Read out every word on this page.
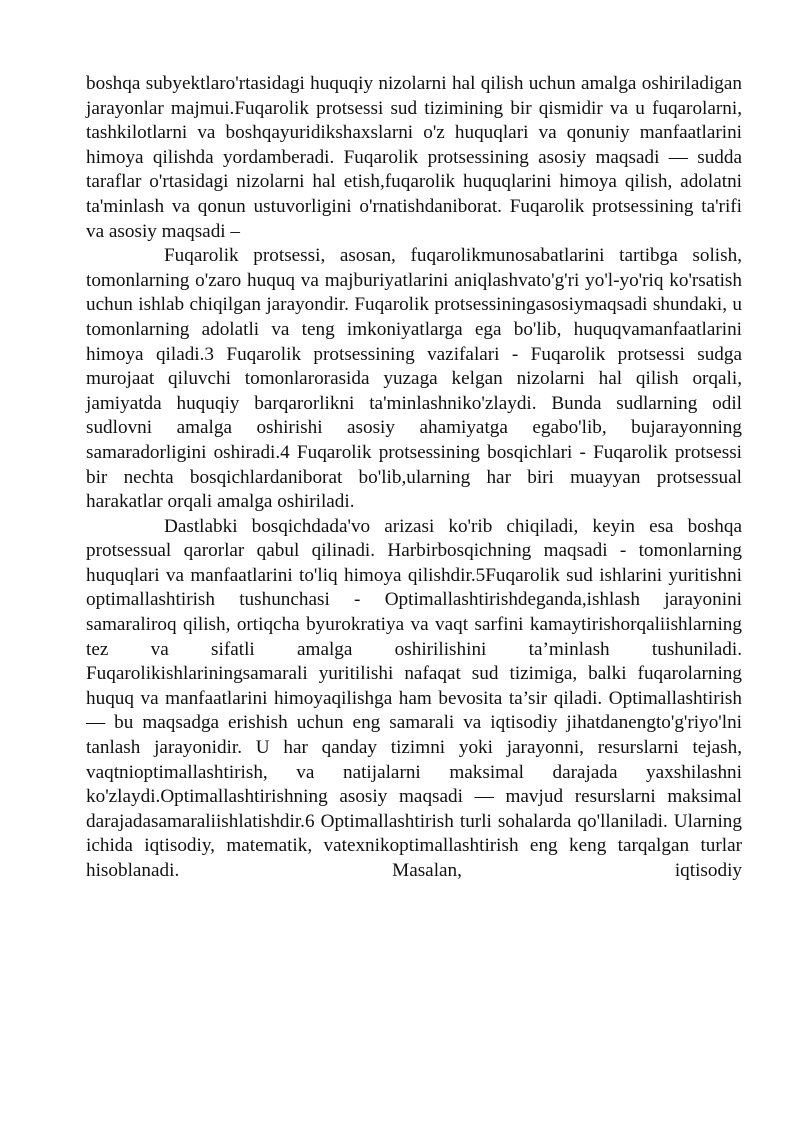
boshqa subyektlaro'rtasidagi huquqiy nizolarni hal qilish uchun amalga oshiriladigan jarayonlar majmui.Fuqarolik protsessi sud tizimining bir qismidir va u fuqarolarni, tashkilotlarni va boshqayuridikshaxslarni o'z huquqlari va qonuniy manfaatlarini himoya qilishda yordamberadi. Fuqarolik protsessining asosiy maqsadi — sudda taraflar o'rtasidagi nizolarni hal etish,fuqarolik huquqlarini himoya qilish, adolatni ta'minlash va qonun ustuvorligini o'rnatishdaniborat. Fuqarolik protsessining ta'rifi va asosiy maqsadi –

Fuqarolik protsessi, asosan, fuqarolikmunosabatlarini tartibga solish, tomonlarning o'zaro huquq va majburiyatlarini aniqlashvato'g'ri yo'l-yo'riq ko'rsatish uchun ishlab chiqilgan jarayondir. Fuqarolik protsessiningasosiymaqsadi shundaki, u tomonlarning adolatli va teng imkoniyatlarga ega bo'lib, huquqvamanfaatlarini himoya qiladi.3 Fuqarolik protsessining vazifalari - Fuqarolik protsessi sudga murojaat qiluvchi tomonlarorasida yuzaga kelgan nizolarni hal qilish orqali, jamiyatda huquqiy barqarorlikni ta'minlashniko'zlaydi. Bunda sudlarning odil sudlovni amalga oshirishi asosiy ahamiyatga egabo'lib, bujarayonning samaradorligini oshiradi.4 Fuqarolik protsessining bosqichlari - Fuqarolik protsessi bir nechta bosqichlardaniborat bo'lib,ularning har biri muayyan protsessual harakatlar orqali amalga oshiriladi.

Dastlabki bosqichdada'vo arizasi ko'rib chiqiladi, keyin esa boshqa protsessual qarorlar qabul qilinadi. Harbirbosqichning maqsadi - tomonlarning huquqlari va manfaatlarini to'liq himoya qilishdir.5Fuqarolik sud ishlarini yuritishni optimallashtirish tushunchasi - Optimallashtirishdeganda,ishlash jarayonini samaraliroq qilish, ortiqcha byurokratiya va vaqt sarfini kamaytirishorqaliishlarning tez va sifatli amalga oshirilishini ta’minlash tushuniladi. Fuqarolikishlariningsamarali yuritilishi nafaqat sud tizimiga, balki fuqarolarning huquq va manfaatlarini himoyaqilishga ham bevosita ta’sir qiladi. Optimallashtirish — bu maqsadga erishish uchun eng samarali va iqtisodiy jihatdanengto'g'riyo'lni tanlash jarayonidir. U har qanday tizimni yoki jarayonni, resurslarni tejash, vaqtnioptimallashtirish, va natijalarni maksimal darajada yaxshilashni ko'zlaydi.Optimallashtirishning asosiy maqsadi — mavjud resurslarni maksimal darajadasamaraliishlatishdir.6 Optimallashtirish turli sohalarda qo'llaniladi. Ularning ichida iqtisodiy, matematik, vatexnikoptimallashtirish eng keng tarqalgan turlar hisoblanadi. Masalan, iqtisodiy
